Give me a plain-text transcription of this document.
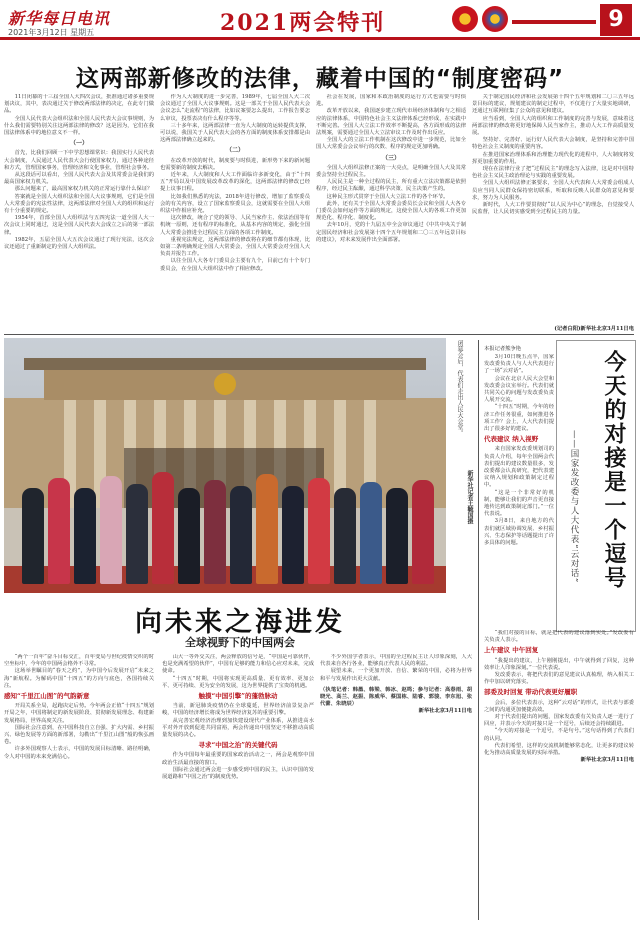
新华每日电讯
2021年3月12日 星期五	2021两会特刊	9
这两部新修改的法律，藏着中国的“制度密码”

11日闭幕的十三届全国人大四次会议，批准通过诸多重要规划决议，其中，表决通过关于修改两部法律的决定，在此专门做品。

全国人民代表大会组织法和全国人民代表大会议事规则，为什么我们需要特别关注这两部法律的修改？这是因为，它们在我国法律体系中的地位意义不一样。

（一）

首先，比我们回顾一下中学思想课常识：我国实行人民代表大会制度，人民通过人民代表大会行使国家权力，通过各种途径和方式，管理国家事务，管理经济和文化事业，管理社会事务。

从这段话可以看出，全国人民代表大会及其常委会是我们的最高国家权力机关。

那么问题来了，最高国家权力机关的正常运行靠什么保证？

答案就是全国人大组织法和全国人大议事规则，它们是全国人大常委会的宪法性法律，这两部法律对全国人大的组织和运行有十分重要的规定。

1954年，首部全国人大组织法与五四宪法一道全国人大一次会议上同时通过，这是全国人民代表大会成立之后的第一部法律。

1982年，五届全国人大五次会议通过了现行宪法，这次会议还通过了重新制定的全国人大组织法。

作为人大制度的进一步完善，1989年，七届全国人大二次会议通过了全国人大议事规则。这是一部关于全国人民代表大会会议怎么“走流程”的法律，比如议案要怎么提出，工作报告要怎么审议，投票表决有什么程序等等。

三十多年来，这两部法律一直为人大制度的运转提供支撑，可以说，我国关于人民代表大会的各方面的制度体系安排都是由这两部法律确立起来的。

（二）

在改革开放的时代，制度要与时俱进，新形势下来的新问题也需要新的制度去解决。

近年来，人大制度和人大工作面临许多新变化，由于“十四五”开局以及中国发展改革改革的深化，这两部法律的修改已经提上议事日程。

比如我们熟悉的宪法，2018年进行修改，增加了监察委员会的有关内容，设立了国家监察委员会，这就需要在全国人大组织法中作相应补充。

这次修改，统合了党的领导、人民当家作主、依法治国等有机统一原则，还有程序的标准化，从基本内容的规定，强化全国人大常委会推进全过程民主方面的各项工作制度。

重视宪法规定，这两部法律的修改将在的细节都有体现，比如第二条明确规定全国人大常委会，全国人大常委会对全国人大负责并报告工作。

以往全国人大各专门委员会主要有九个，目前已有十个专门委员会，在全国人大组织法中作了相应修改。

社会在发展，国家和本政治制度的运行方式也需要与时俱进。

改革开放以来，我国逐步建立现代市场经济体制和与之相适应的法律体系，中国特色社会主义法律体系已经形成，在实践中不断完善。全国人大立法工作效率不断提高，各方面形成的法律法规案，需要通过全国人大立法审议工作及时作出反应。

全国人大的立法工作机制在这次修改中进一步规范，比如全国人大常委会会议举行的次数、程序的规定更加明确。

（三）

全国人大组织法修正案的一大亮点，是明确全国人大及其常委会坚持全过程民主。

人民民主是一种全过程的民主，所有重大立法决策都是依照程序，经过民主酝酿，通过科学决策、民主决策产生的。

这种民主形式贯穿于全国人大立法工作的各个环节。

此外，还有关于全国人大常委会委员长会议和全国人大各专门委员会如何运作等方面的规定，这使全国人大的各项工作更加规范化、程序化、制度化。

去年10月，党的十九届五中全会审议通过《中共中央关于制定国民经济和社会发展第十四个五年规划和二〇三五年远景目标的建议》，对未来发展作出全面部署。

关于制定国民经济和社会发展第十四个五年规划和二〇三五年远景目标的建议，规划建议的制定过程中，不仅进行了大量实地调研，还通过互联网征集了公众的意见和建议。

应当看到，全国人大的组织和工作制度的完善与发展，意味着这两部法律的修改将更好地保障人民当家作主，推动人大工作高质量发展。

坚持好、完善好、运行好人民代表大会制度，是坚持和完善中国特色社会主义制度的重要内容。

在推进国家治理体系和治理能力现代化的进程中，人大制度将发挥更加重要的作用。

现在在法律行业了把“过程民主”的理念写入法律，这是对中国特色社会主义民主政治理论与实践的重要发展。

全国人大组织法修正案要求，全国人大代表和人大常委会组成人员应当同人民群众保持密切联系，听取和反映人民群众的意见和要求，努力为人民服务。

新时代，人大工作要贯彻好“以人民为中心”的理念，自觉接受人民监督，让人民切实感受到全过程民主的力量。

(记者白阳)新华社北京3月11日电
闭幕会后，代表们走出人民大会堂。
新华社记者王毓国摄
本报记者熊争艳

3月10日晚五点半，国家发改委负责人与人大代表进行了一场“云对话”。

会议在北京人民大会堂和发改委会议室举行。代表们就共同关心的问题与发改委负责人展开交流。

“十四五”时期，今年的经济工作任务很重，如何推进各项工作？会上，人大代表们提出了很多好的建议。

代表建议 纳入视野

来自国家发改委规划司的负责人介绍，每年全国两会代表们提出的建议数量很多，发改委都会认真研究，把代表建议纳入规划和政策制定过程中。

“这是一个非常好的机制，能够让我们的声音更直接地传达到政策制定部门。”一位代表说。

3月8日，来自地方的代表们就区域协调发展、乡村振兴、生态保护等话题提出了许多具体的问题。	今天的对接是一个逗号
——国家发改委与人大代表“云对话”

“我们对接的目标，就是把代表的建议落到实处。”发改委有关负责人表示。

上午建议 中午回复

“我提出的建议，上午刚刚提出，中午就得到了回复，这种效率让人印象深刻。”一位代表说。

发改委表示，将把代表们的意见建议认真梳理，纳入相关工作中加以研究落实。

部委及时回复 带动代表更好履职

会后，多位代表表示，这种“云对话”的形式，让代表与部委之间的沟通更加便捷高效。

对于代表们提出的问题，国家发改委有关负责人逐一进行了回应，并表示今天的对接只是一个逗号，后续还会持续跟进。

“今天的对接是一个逗号，不是句号。”这句话得到了代表们的认同。

代表们希望，这样的交流机制能够常态化，让更多的建议转化为推动高质量发展的实际举措。

新华社北京3月11日电
向未来之海进发
全球视野下的中国两会

“两个一百年”奋斗目标交汇，百年变局与世纪疫情交织的时空坐标中，今年的中国两会格外不寻常。

这场举世瞩目的“春天之约”，为中国今后发展开启“未来之海”新航程。为解码中国“十四五”的方向与底色，各国持续关注。

感知“千里江山图”的气韵新意

开局关系全局，起跑决定后势。今年两会正值“十四五”规划开局之年，中国将制定的新发展阶段、贯彻新发展理念、构建新发展格局，世界高度关注。

国际社会注意到，在中国科技自立自强、扩大内需、乡村振兴、绿色发展等方面的新部署，勾勒出“千里江山图”般的恢弘画卷。

许多外国观察人士表示，中国的发展目标清晰、路径明确，令人对中国的未来充满信心。

山大一等外交关注，两会释放的信号是，“中国是可靠伙伴，也是充满希望的伙伴”，中国有足够的能力和信心应对未来，完成使命。

“十四五”时期，中国将实现更高质量、更有效率、更加公平、更可持续、更为安全的发展，这为世界提供了宝贵的机遇。

触摸“中国引擎”的蓬勃脉动

当前，新冠肺炎疫情仍在全球蔓延，世界经济前景复杂严峻，中国的经济增长将成为世界经济复苏的重要引擎。

从完善宏观经济治理到加快建设现代产业体系，从推进高水平对外开放到促进共同富裕，两会传递出中国坚定不移推动高质量发展的决心。

寻求“中国之治”的关键代码

作为中国每年最重要的国家政治活动之一，两会是观察中国政治生活最直接的窗口。

国际社会通过两会进一步感受到中国的民主，认识中国的发展道路和“中国之治”的制度优势。

不少外国学者表示，中国的全过程民主让人印象深刻，人大代表来自各行各业，能够真正代表人民的利益。

展望未来，一个更加开放、自信、繁荣的中国，必将为世界和平与发展作出更大贡献。

（执笔记者：韩墨、韩梁、韩冰、赵鸣；参与记者：高春雨、胡晓光、高兰、赵振、陈威华、蔡国栋、陆睿、郭骏、李东旭、张代蕾、朱晓辰）

新华社北京3月11日电
